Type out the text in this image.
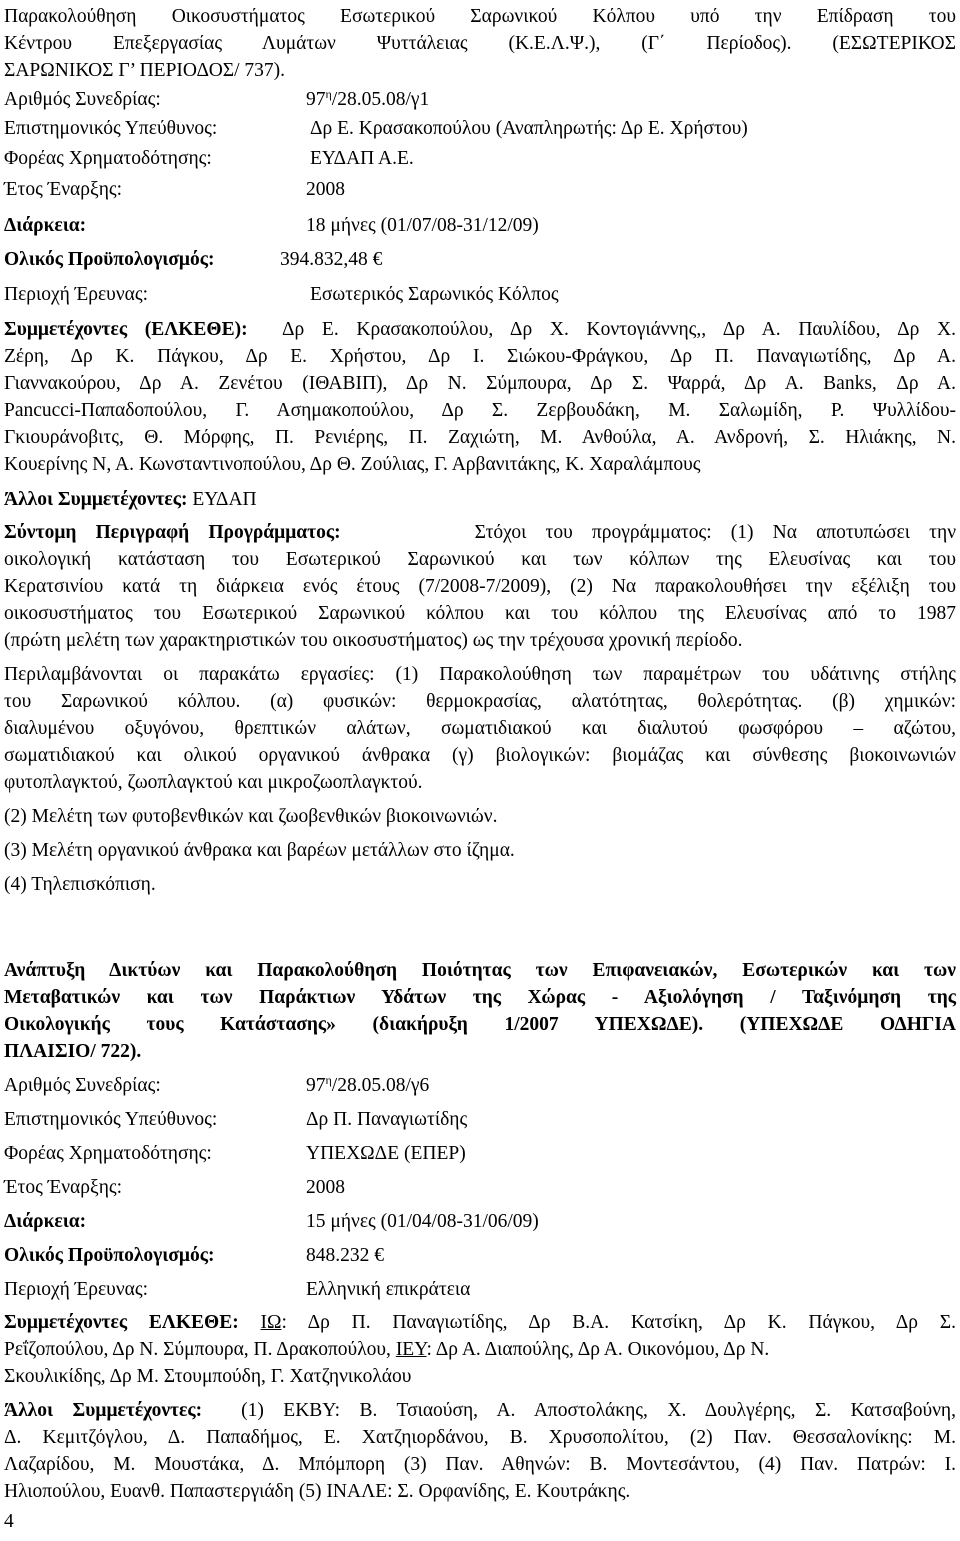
Παρακολούθηση Οικοσυστήματος Εσωτερικού Σαρωνικού Κόλπου υπό την Επίδραση του
Κέντρου Επεξεργασίας Λυμάτων Ψυττάλειας (Κ.Ε.Λ.Ψ.), (Γ΄ Περίοδος). (ΕΣΩΤΕΡΙΚΟΣ
ΣΑΡΩΝΙΚΟΣ Γ’ ΠΕΡΙΟΔΟΣ/ 737).
Αριθμός Συνεδρίας:	$97^\eta/28.05.08/\gamma 1$
Επιστημονικός Υπεύθυνος:	Δρ Ε. Κρασακοπούλου (Αναπληρωτής: Δρ Ε. Χρήστου)
Φορέας Χρηματοδότησης:	ΕΥΔΑΠ Α.Ε.
Έτος Έναρξης:	2008
Διάρκεια:	18 μήνες (01/07/08-31/12/09)
Ολικός Προϋπολογισμός:	394.832,48 €
Περιοχή Έρευνας:	Εσωτερικός Σαρωνικός Κόλπος
Συμμετέχοντες (ΕΛΚΕΘΕ): Δρ Ε. Κρασακοπούλου, Δρ Χ. Κοντογιάννης,, Δρ Α. Παυλίδου, Δρ Χ.
Ζέρη, Δρ Κ. Πάγκου, Δρ Ε. Χρήστου, Δρ Ι. Σιώκου-Φράγκου, Δρ Π. Παναγιωτίδης, Δρ Α.
Γιαννακούρου, Δρ Α. Ζενέτου (ΙΘΑΒΙΠ), Δρ Ν. Σύμπουρα, Δρ Σ. Ψαρρά, Δρ Α. Banks, Δρ Α.
Pancucci-Παπαδοπούλου, Γ. Ασημακοπούλου, Δρ Σ. Ζερβουδάκη, Μ. Σαλωμίδη, Ρ. Ψυλλίδου-
Γκιουράνοβιτς, Θ. Μόρφης, Π. Ρενιέρης, Π. Ζαχιώτη, Μ. Ανθούλα, Α. Ανδρονή, Σ. Ηλιάκης, Ν.
Κουερίνης Ν, Α. Κωνσταντινοπούλου, Δρ Θ. Ζούλιας, Γ. Αρβανιτάκης, Κ. Χαραλάμπους
Άλλοι Συμμετέχοντες: ΕΥΔΑΠ
Σύντομη Περιγραφή Προγράμματος:	Στόχοι του προγράμματος: (1) Να αποτυπώσει την
οικολογική κατάσταση του Εσωτερικού Σαρωνικού και των κόλπων της Ελευσίνας και του
Κερατσινίου κατά τη διάρκεια ενός έτους (7/2008-7/2009), (2) Να παρακολουθήσει την εξέλιξη του
οικοσυστήματος του Εσωτερικού Σαρωνικού κόλπου και του κόλπου της Ελευσίνας από το 1987
(πρώτη μελέτη των χαρακτηριστικών του οικοσυστήματος) ως την τρέχουσα χρονική περίοδο.
Περιλαμβάνονται οι παρακάτω εργασίες: (1) Παρακολούθηση των παραμέτρων του υδάτινης στήλης
του Σαρωνικού κόλπου. (α) φυσικών: θερμοκρασίας, αλατότητας, θολερότητας. (β) χημικών:
διαλυμένου οξυγόνου, θρεπτικών αλάτων, σωματιδιακού και διαλυτού φωσφόρου – αζώτου,
σωματιδιακού και ολικού οργανικού άνθρακα (γ) βιολογικών: βιομάζας και σύνθεσης βιοκοινωνιών
φυτοπλαγκτού, ζωοπλαγκτού και μικροζωοπλαγκτού.
(2) Μελέτη των φυτοβενθικών και ζωοβενθικών βιοκοινωνιών.
(3) Μελέτη οργανικού άνθρακα και βαρέων μετάλλων στο ίζημα.
(4) Τηλεπισκόπιση.
Ανάπτυξη Δικτύων και Παρακολούθηση Ποιότητας των Επιφανειακών, Εσωτερικών και των
Μεταβατικών και των Παράκτιων Υδάτων της Χώρας - Αξιολόγηση / Ταξινόμηση της
Οικολογικής τους Κατάστασης» (διακήρυξη 1/2007 ΥΠΕΧΩΔΕ). (ΥΠΕΧΩΔΕ ΟΔΗΓΙΑ
ΠΛΑΙΣΙΟ/ 722).
Αριθμός Συνεδρίας:	$97^\eta/28.05.08/\gamma 6$
Επιστημονικός Υπεύθυνος:	Δρ Π. Παναγιωτίδης
Φορέας Χρηματοδότησης:	ΥΠΕΧΩΔΕ (ΕΠΕΡ)
Έτος Έναρξης:	2008
Διάρκεια:	15 μήνες (01/04/08-31/06/09)
Ολικός Προϋπολογισμός:	848.232 €
Περιοχή Έρευνας:	Ελληνική επικράτεια
Συμμετέχοντες ΕΛΚΕΘΕ: ΙΩ: Δρ Π. Παναγιωτίδης, Δρ Β.Α. Κατσίκη, Δρ Κ. Πάγκου, Δρ Σ.
Ρεΐζοπούλου, Δρ Ν. Σύμπουρα, Π. Δρακοπούλου, ΙΕΥ: Δρ Α. Διαπούλης, Δρ Α. Οικονόμου, Δρ Ν.
Σκουλικίδης, Δρ Μ. Στουμπούδη, Γ. Χατζηνικολάου
Άλλοι Συμμετέχοντες: (1) ΕΚΒΥ: Β. Τσιαούση, Α. Αποστολάκης, Χ. Δουλγέρης, Σ. Κατσαβούνη,
Δ. Κεμιτζόγλου, Δ. Παπαδήμος, Ε. Χατζηιορδάνου, Β. Χρυσοπολίτου, (2) Παν. Θεσσαλονίκης: Μ.
Λαζαρίδου, Μ. Μουστάκα, Δ. Μπόμπορη (3) Παν. Αθηνών: Β. Μοντεσάντου, (4) Παν. Πατρών: Ι.
Ηλιοπούλου, Ευανθ. Παπαστεργιάδη (5) ΙΝΑΛΕ: Σ. Ορφανίδης, Ε. Κουτράκης.
4
